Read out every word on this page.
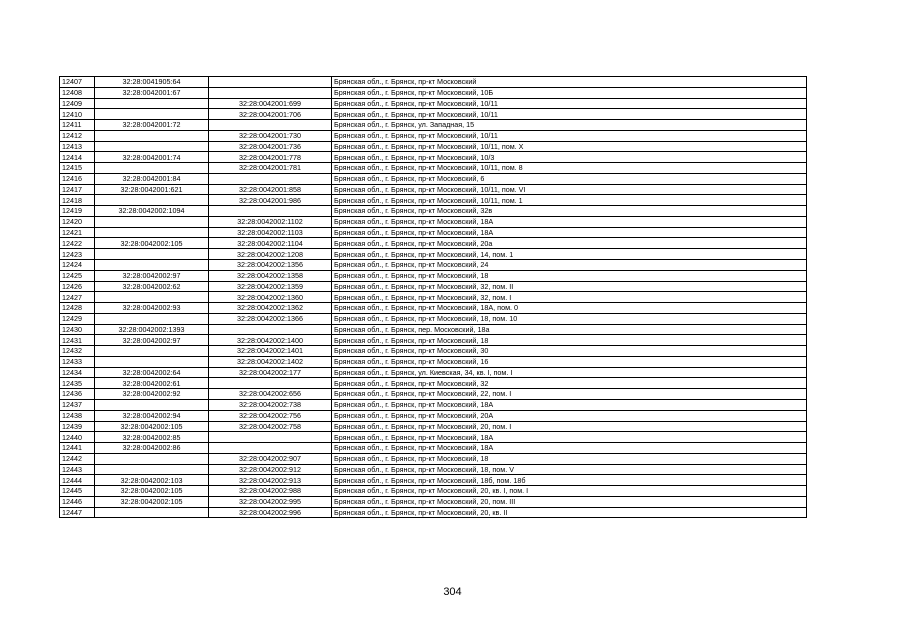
12407	32:28:0041905:64		Брянская обл., г. Брянск, пр-кт Московский
12408	32:28:0042001:67		Брянская обл., г. Брянск, пр-кт Московский, 10Б
12409		32:28:0042001:699	Брянская обл., г. Брянск, пр-кт Московский, 10/11
12410		32:28:0042001:706	Брянская обл., г. Брянск, пр-кт Московский, 10/11
12411	32:28:0042001:72		Брянская обл., г. Брянск, ул. Западная, 15
12412		32:28:0042001:730	Брянская обл., г. Брянск, пр-кт Московский, 10/11
12413		32:28:0042001:736	Брянская обл., г. Брянск, пр-кт Московский, 10/11, пом. X
12414	32:28:0042001:74	32:28:0042001:778	Брянская обл., г. Брянск, пр-кт Московский, 10/3
12415		32:28:0042001:781	Брянская обл., г. Брянск, пр-кт Московский, 10/11, пом. 8
12416	32:28:0042001:84		Брянская обл., г. Брянск, пр-кт Московский, 6
12417	32:28:0042001:621	32:28:0042001:858	Брянская обл., г. Брянск, пр-кт Московский, 10/11, пом. VI
12418		32:28:0042001:986	Брянская обл., г. Брянск, пр-кт Московский, 10/11, пом. 1
12419	32:28:0042002:1094		Брянская обл., г. Брянск, пр-кт Московский, 32в
12420		32:28:0042002:1102	Брянская обл., г. Брянск, пр-кт Московский, 18А
12421		32:28:0042002:1103	Брянская обл., г. Брянск, пр-кт Московский, 18А
12422	32:28:0042002:105	32:28:0042002:1104	Брянская обл., г. Брянск, пр-кт Московский, 20а
12423		32:28:0042002:1208	Брянская обл., г. Брянск, пр-кт Московский, 14, пом. 1
12424		32:28:0042002:1356	Брянская обл., г. Брянск, пр-кт Московский, 24
12425	32:28:0042002:97	32:28:0042002:1358	Брянская обл., г. Брянск, пр-кт Московский, 18
12426	32:28:0042002:62	32:28:0042002:1359	Брянская обл., г. Брянск, пр-кт Московский, 32, пом. II
12427		32:28:0042002:1360	Брянская обл., г. Брянск, пр-кт Московский, 32, пом. I
12428	32:28:0042002:93	32:28:0042002:1362	Брянская обл., г. Брянск, пр-кт Московский, 18А, пом. 0
12429		32:28:0042002:1366	Брянская обл., г. Брянск, пр-кт Московский, 18, пом. 10
12430	32:28:0042002:1393		Брянская обл., г. Брянск, пер. Московский, 18а
12431	32:28:0042002:97	32:28:0042002:1400	Брянская обл., г. Брянск, пр-кт Московский, 18
12432		32:28:0042002:1401	Брянская обл., г. Брянск, пр-кт Московский, 30
12433		32:28:0042002:1402	Брянская обл., г. Брянск, пр-кт Московский, 16
12434	32:28:0042002:64	32:28:0042002:177	Брянская обл., г. Брянск, ул. Киевская, 34, кв. I, пом. I
12435	32:28:0042002:61		Брянская обл., г. Брянск, пр-кт Московский, 32
12436	32:28:0042002:92	32:28:0042002:656	Брянская обл., г. Брянск, пр-кт Московский, 22, пом. I
12437		32:28:0042002:738	Брянская обл., г. Брянск, пр-кт Московский, 18А
12438	32:28:0042002:94	32:28:0042002:756	Брянская обл., г. Брянск, пр-кт Московский, 20А
12439	32:28:0042002:105	32:28:0042002:758	Брянская обл., г. Брянск, пр-кт Московский, 20, пом. I
12440	32:28:0042002:85		Брянская обл., г. Брянск, пр-кт Московский, 18А
12441	32:28:0042002:86		Брянская обл., г. Брянск, пр-кт Московский, 18А
12442		32:28:0042002:907	Брянская обл., г. Брянск, пр-кт Московский, 18
12443		32:28:0042002:912	Брянская обл., г. Брянск, пр-кт Московский, 18, пом. V
12444	32:28:0042002:103	32:28:0042002:913	Брянская обл., г. Брянск, пр-кт Московский, 18б, пом. 18б
12445	32:28:0042002:105	32:28:0042002:988	Брянская обл., г. Брянск, пр-кт Московский, 20, кв. I, пом. I
12446	32:28:0042002:105	32:28:0042002:995	Брянская обл., г. Брянск, пр-кт Московский, 20, пом. III
12447		32:28:0042002:996	Брянская обл., г. Брянск, пр-кт Московский, 20, кв. II
304
